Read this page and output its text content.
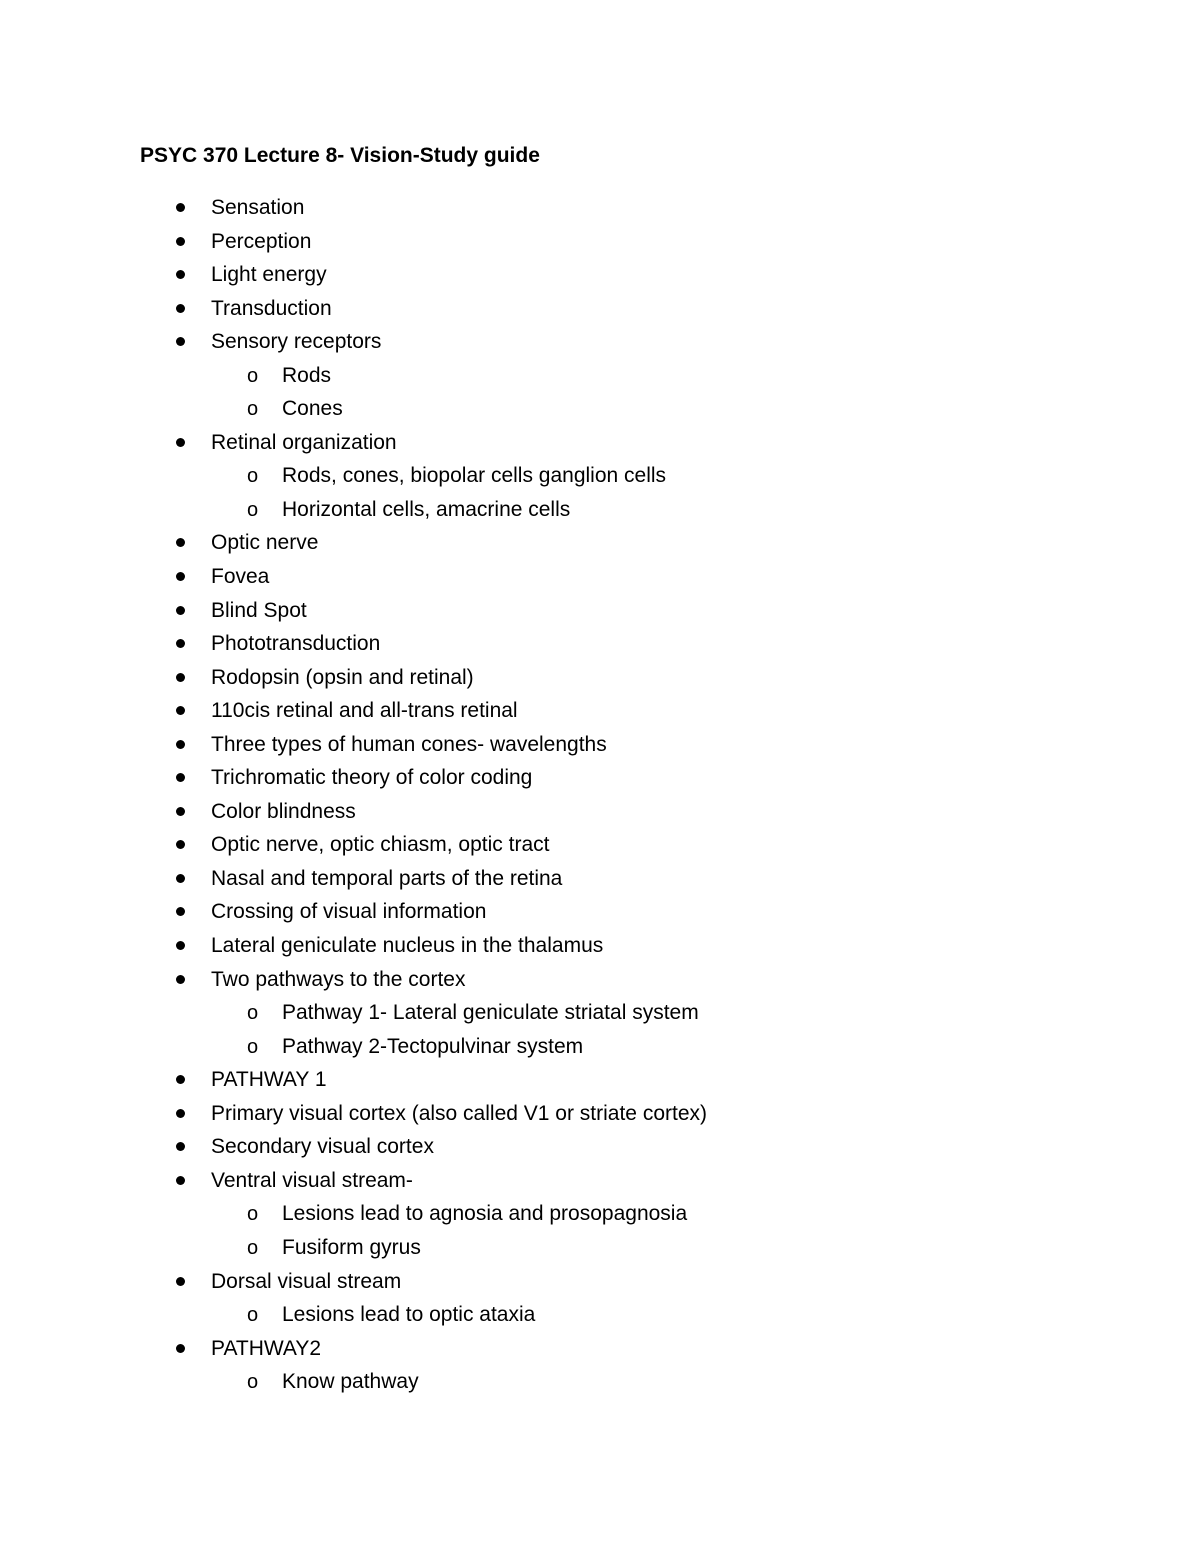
PSYC 370 Lecture 8- Vision-Study guide
Sensation
Perception
Light energy
Transduction
Sensory receptors
o Rods
o Cones
Retinal organization
o Rods, cones, biopolar cells ganglion cells
o Horizontal cells, amacrine cells
Optic nerve
Fovea
Blind Spot
Phototransduction
Rodopsin (opsin and retinal)
110cis retinal and all-trans retinal
Three types of human cones- wavelengths
Trichromatic theory of color coding
Color blindness
Optic nerve, optic chiasm, optic tract
Nasal and temporal parts of the retina
Crossing of visual information
Lateral geniculate nucleus in the thalamus
Two pathways to the cortex
o Pathway 1- Lateral geniculate striatal system
o Pathway 2-Tectopulvinar system
PATHWAY 1
Primary visual cortex (also called V1 or striate cortex)
Secondary visual cortex
Ventral visual stream-
o Lesions lead to agnosia and prosopagnosia
o Fusiform gyrus
Dorsal visual stream
o Lesions lead to optic ataxia
PATHWAY2
o Know pathway
